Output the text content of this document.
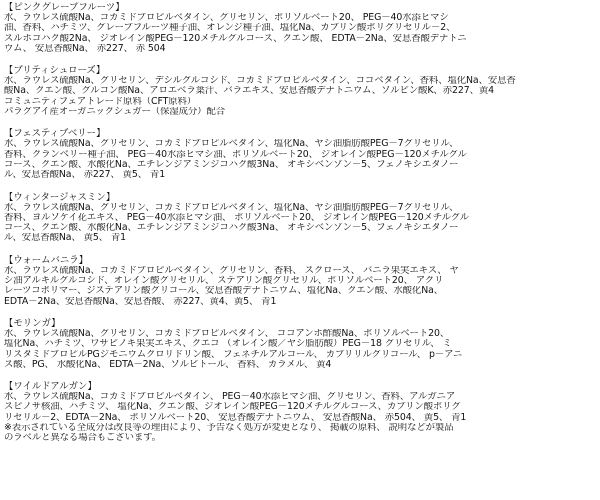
【ピンクグレープフルーツ】
水、ラウレス硫酸Na、コカミドプロピルベタイン、グリセリン、ポリソルベート20、 PEG－40水添ヒマシ
油、香料、ハチミツ、グレープフルーツ種子油、オレンジ種子油、塩化Na、カプリン酸ポリグリセリル－2、
スルホコハク酸2Na、 ジオレイン酸PEG－120メチルグルコース、クエン酸、 EDTA－2Na、安息香酸デナトニ
ウム、 安息香酸Na、 赤227、 赤 504
【ブリティシュローズ】
水、ラウレス硫酸Na、グリセリン、デシルグルコシド、コカミドプロピルベタイン、ココベタイン、香料、塩化Na、安息香
酸Na、クエン酸、グルコン酸Na、アロエベラ葉汁、バラエキス、安息香酸デナトニウム、ソルビン酸K、赤227、黄4
コミュニティフェアトレード原料（CFT原料）
パラグアイ産オーガニックシュガー（保湿成分）配合
【フェスティブベリー】
水、ラウレス硫酸Na、グリセリン、コカミドプロピルベタイン、塩化Na、ヤシ油脂肪酸PEG－7グリセリル、
香料、クランベリー種子油、 PEG－40水添ヒマシ油、ポリソルベート20、 ジオレイン酸PEG－120メチルグル
コース、クエン酸、水酸化Na、エチレンジアミンジコハク酸3Na、 オキシベンゾン－5、フェノキシエタノー
ル、安息香酸Na、 赤227、 黄5、 青1
【ウィンタージャスミン】
水、ラウレス硫酸Na、グリセリン、コカミドプロピルベタイン、塩化Na、ヤシ油脂肪酸PEG－7グリセリル、
香料、ヨルソケイ花エキス、 PEG－40水添ヒマシ油、 ポリソルベート20、 ジオレイン酸PEG－120メチルグル
コース、クエン酸、水酸化Na、エチレンジアミンジコハク酸3Na、 オキシベンゾン－5、フェノキシエタノー
ル、安息香酸Na、 黄5、 青1
【ウォームバニラ】
水、ラウレス硫酸Na、コカミドプロピルベタイン、グリセリン、香料、 スクロース、 バニラ果実エキス、 ヤ
シ油アルキルグルコシド、オレイン酸グリセリル、 ステアリン酸グリセリル、ポリソルベート20、 アクリ
レーツコポリマー、ジステアリン酸グリコール、安息香酸デナトニウム、塩化Na、クエン酸、水酸化Na、
EDTA－2Na、安息香酸Na、安息香酸、 赤227、黄4、黄5、 青1
【モリンガ】
水、ラウレス硫酸Na、グリセリン、コカミドプロピルベタイン、 ココアンホ酢酸Na、ポリソルベート20、
塩化Na、ハチミツ、ワサビノキ果実エキス、クエコ （オレイン酸／ヤシ脂肪酸）PEG－18 グリセリル、 ミ
リスタミドプロピルPGジモニウムクロリドリン酸、 フェネチルアルコール、 カプリリルグリコール、 p－アニ
ス酸、PG、 水酸化Na、 EDTA－2Na、ソルビトール、 香料、 カラメル、 黄4
【ワイルドアルガン】
水、ラウレス硫酸Na、コカミドプロピルベタイン、 PEG－40水添ヒマシ油、グリセリン、香料、アルガニア
スピノサ核油、ハチミツ、 塩化Na、クエン酸、ジオレイン酸PEG－120メチルグルコース、カプリン酸ポリグ
リセリル－2、EDTA－2Na、 ポリソルベート20、 安息香酸デナトニウム、 安息香酸Na、 赤504、 黄5、 青1
※表示されている全成分は改良等の理由により、予告なく処方が変更となり、 掲載の原料、 説明などが製品
のラベルと異なる場合もございます。
